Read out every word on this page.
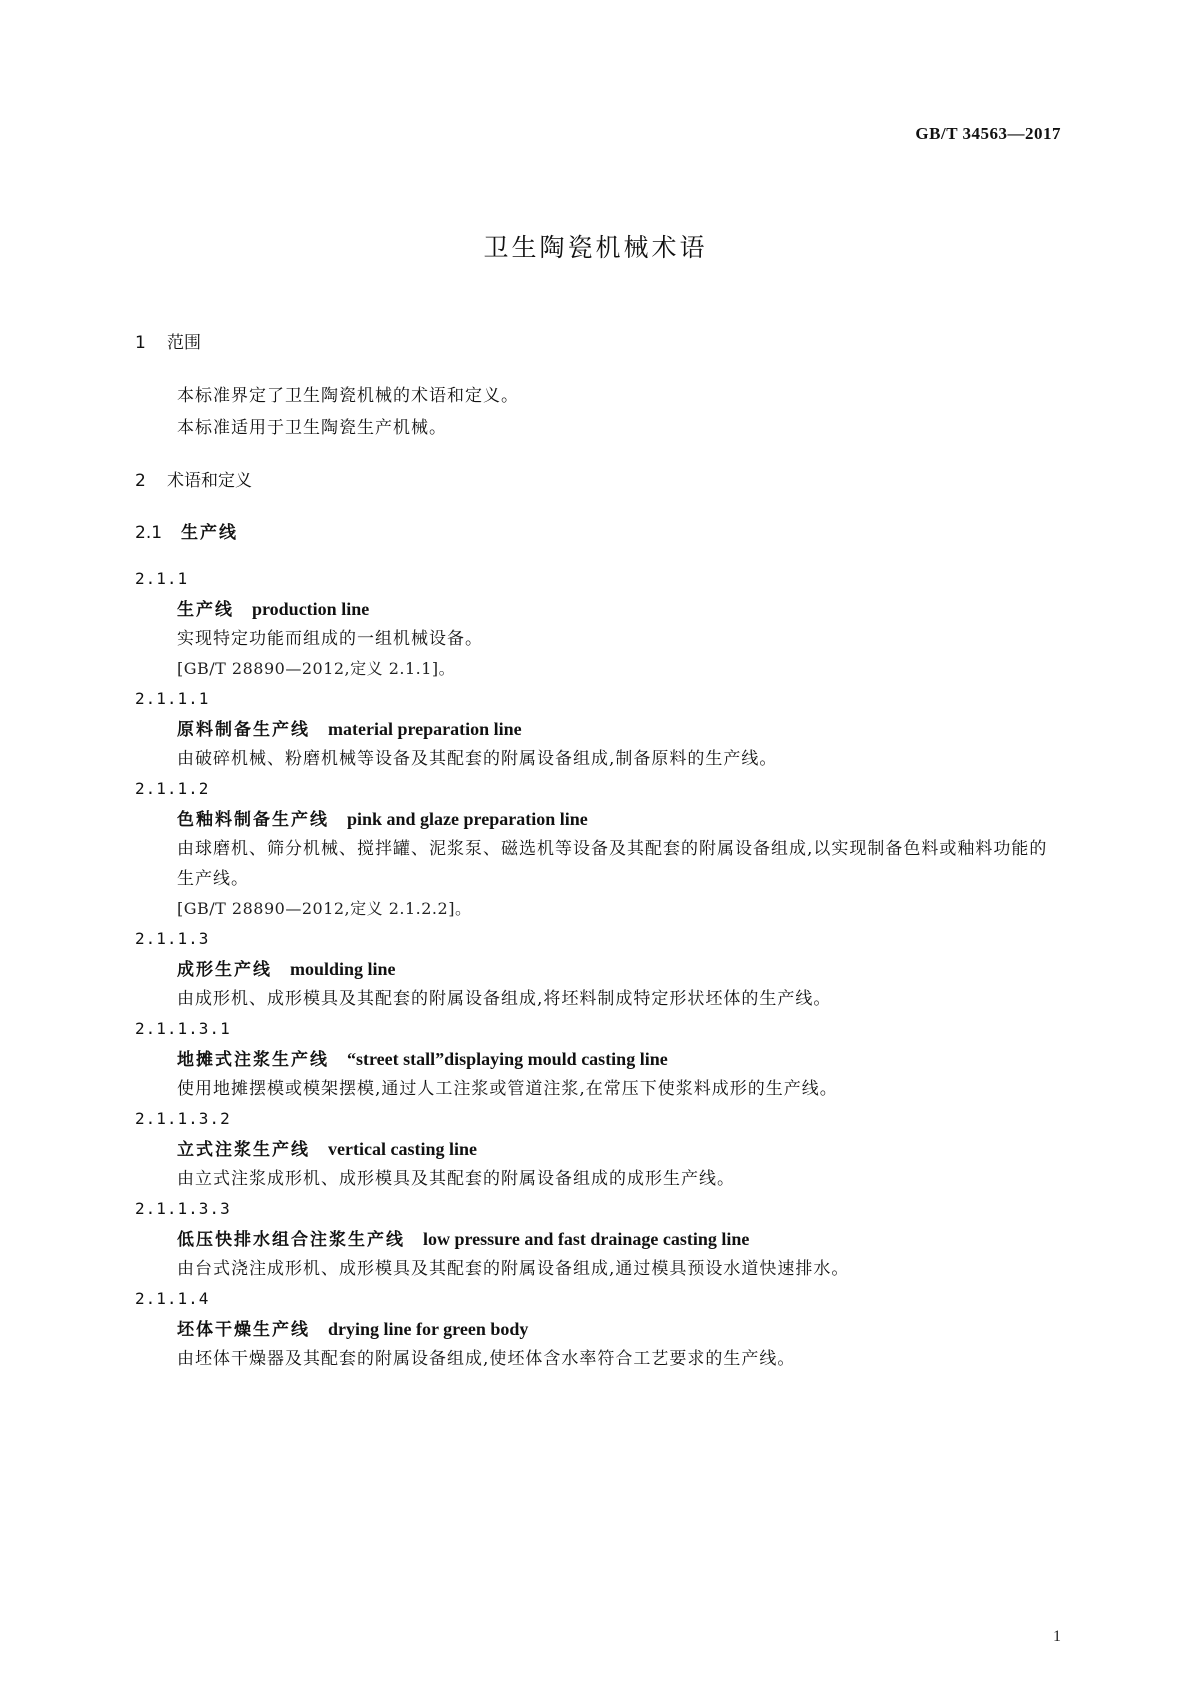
GB/T 34563—2017
卫生陶瓷机械术语
1 范围
本标准界定了卫生陶瓷机械的术语和定义。
本标准适用于卫生陶瓷生产机械。
2 术语和定义
2.1 生产线
2.1.1
生产线 production line
实现特定功能而组成的一组机械设备。
[GB/T 28890—2012,定义 2.1.1]。
2.1.1.1
原料制备生产线 material preparation line
由破碎机械、粉磨机械等设备及其配套的附属设备组成,制备原料的生产线。
2.1.1.2
色釉料制备生产线 pink and glaze preparation line
由球磨机、筛分机械、搅拌罐、泥浆泵、磁选机等设备及其配套的附属设备组成,以实现制备色料或釉料功能的生产线。
[GB/T 28890—2012,定义 2.1.2.2]。
2.1.1.3
成形生产线 moulding line
由成形机、成形模具及其配套的附属设备组成,将坯料制成特定形状坯体的生产线。
2.1.1.3.1
地摊式注浆生产线 “street stall”displaying mould casting line
使用地摊摆模或模架摆模,通过人工注浆或管道注浆,在常压下使浆料成形的生产线。
2.1.1.3.2
立式注浆生产线 vertical casting line
由立式注浆成形机、成形模具及其配套的附属设备组成的成形生产线。
2.1.1.3.3
低压快排水组合注浆生产线 low pressure and fast drainage casting line
由台式浇注成形机、成形模具及其配套的附属设备组成,通过模具预设水道快速排水。
2.1.1.4
坯体干燥生产线 drying line for green body
由坯体干燥器及其配套的附属设备组成,使坯体含水率符合工艺要求的生产线。
1
